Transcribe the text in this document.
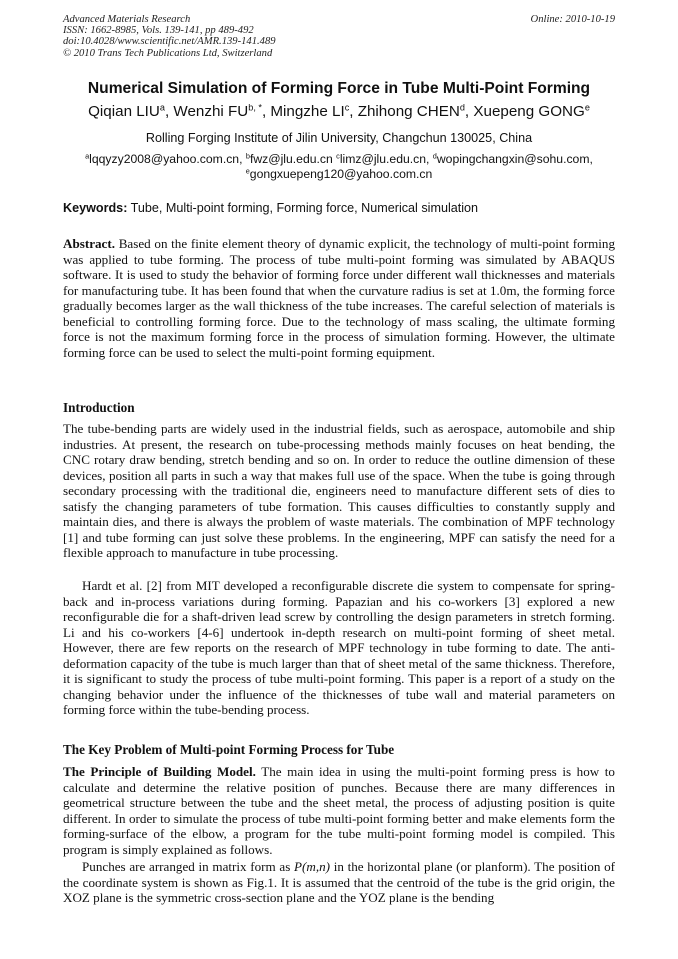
Advanced Materials Research
ISSN: 1662-8985, Vols. 139-141, pp 489-492
doi:10.4028/www.scientific.net/AMR.139-141.489
© 2010 Trans Tech Publications Ltd, Switzerland
Online: 2010-10-19
Numerical Simulation of Forming Force in Tube Multi-Point Forming
Qiqian LIU$^a$, Wenzhi $FU^{b, *}$, Mingzhe $LI^c$, Zhihong CHEN$^d$, Xuepeng GONG$^e$
Rolling Forging Institute of Jilin University, Changchun 130025, China
$^a$lqqyzy2008@yahoo.com.cn, $^b$fwz@jlu.edu.cn $^c$limz@jlu.edu.cn, $^d$wopingchangxin@sohu.com,
$^e$gongxuepeng120@yahoo.com.cn
Keywords: Tube, Multi-point forming, Forming force, Numerical simulation
Abstract. Based on the finite element theory of dynamic explicit, the technology of multi-point forming was applied to tube forming. The process of tube multi-point forming was simulated by ABAQUS software. It is used to study the behavior of forming force under different wall thicknesses and materials for manufacturing tube. It has been found that when the curvature radius is set at 1.0m, the forming force gradually becomes larger as the wall thickness of the tube increases. The careful selection of materials is beneficial to controlling forming force. Due to the technology of mass scaling, the ultimate forming force is not the maximum forming force in the process of simulation forming. However, the ultimate forming force can be used to select the multi-point forming equipment.
Introduction
The tube-bending parts are widely used in the industrial fields, such as aerospace, automobile and ship industries. At present, the research on tube-processing methods mainly focuses on heat bending, the CNC rotary draw bending, stretch bending and so on. In order to reduce the outline dimension of these devices, position all parts in such a way that makes full use of the space. When the tube is going through secondary processing with the traditional die, engineers need to manufacture different sets of dies to satisfy the changing parameters of tube formation. This causes difficulties to constantly supply and maintain dies, and there is always the problem of waste materials. The combination of MPF technology [1] and tube forming can just solve these problems. In the engineering, MPF can satisfy the need for a flexible approach to manufacture in tube processing.
Hardt et al. [2] from MIT developed a reconfigurable discrete die system to compensate for spring-back and in-process variations during forming. Papazian and his co-workers [3] explored a new reconfigurable die for a shaft-driven lead screw by controlling the design parameters in stretch forming. Li and his co-workers [4-6] undertook in-depth research on multi-point forming of sheet metal. However, there are few reports on the research of MPF technology in tube forming to date. The anti-deformation capacity of the tube is much larger than that of sheet metal of the same thickness. Therefore, it is significant to study the process of tube multi-point forming. This paper is a report of a study on the changing behavior under the influence of the thicknesses of tube wall and material parameters on forming force within the tube-bending process.
The Key Problem of Multi-point Forming Process for Tube
The Principle of Building Model. The main idea in using the multi-point forming press is how to calculate and determine the relative position of punches. Because there are many differences in geometrical structure between the tube and the sheet metal, the process of adjusting position is quite different. In order to simulate the process of tube multi-point forming better and make elements form the forming-surface of the elbow, a program for the tube multi-point forming model is compiled. This program is simply explained as follows.
Punches are arranged in matrix form as P(m,n) in the horizontal plane (or planform). The position of the coordinate system is shown as Fig.1. It is assumed that the centroid of the tube is the grid origin, the XOZ plane is the symmetric cross-section plane and the YOZ plane is the bending
